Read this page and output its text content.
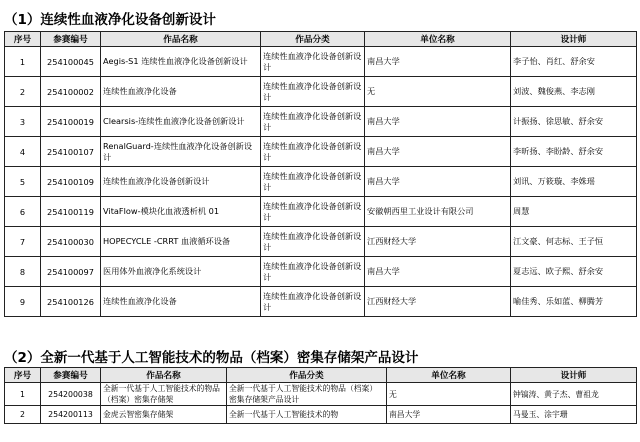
（1）连续性血液净化设备创新设计
序号	参赛编号	作品名称	作品分类	单位名称	设计师
1	254100045	Aegis-S1 连续性血液净化设备创新设计	连续性血液净化设备创新设计	南昌大学	李子怡、肖红、舒余安
2	254100002	连续性血液净化设备	连续性血液净化设备创新设计	无	刘波、魏俊燕、李志刚
3	254100019	Clearsis-连续性血液净化设备创新设计	连续性血液净化设备创新设计	南昌大学	计振扬、徐思敏、舒余安
4	254100107	RenalGuard-连续性血液净化设备创新设计	连续性血液净化设备创新设计	南昌大学	李昕扬、李盼龄、舒余安
5	254100109	连续性血液净化设备创新设计	连续性血液净化设备创新设计	南昌大学	刘讯、万筱璇、李姝瑶
6	254100119	VitaFlow-模块化血液透析机 01	连续性血液净化设备创新设计	安徽朝西里工业设计有限公司	周慧
7	254100030	HOPECYCLE -CRRT 血液循环设备	连续性血液净化设备创新设计	江西财经大学	江文豪、何志标、王子恒
8	254100097	医用体外血液净化系统设计	连续性血液净化设备创新设计	南昌大学	夏志远、欧子熙、舒余安
9	254100126	连续性血液净化设备	连续性血液净化设备创新设计	江西财经大学	喻佳秀、乐如蓝、柳腾芳
（2）全新一代基于人工智能技术的物品（档案）密集存储架产品设计
序号	参赛编号	作品名称	作品分类	单位名称	设计师
1	254200038	全新一代基于人工智能技术的物品（档案）密集存储架	全新一代基于人工智能技术的物品（档案）密集存储架产品设计	无	钟镐涛、黄子杰、曹祖龙
2	254200113	金虎云智密集存储架	全新一代基于人工智能技术的物	南昌大学	马曼玉、涂宇珊
